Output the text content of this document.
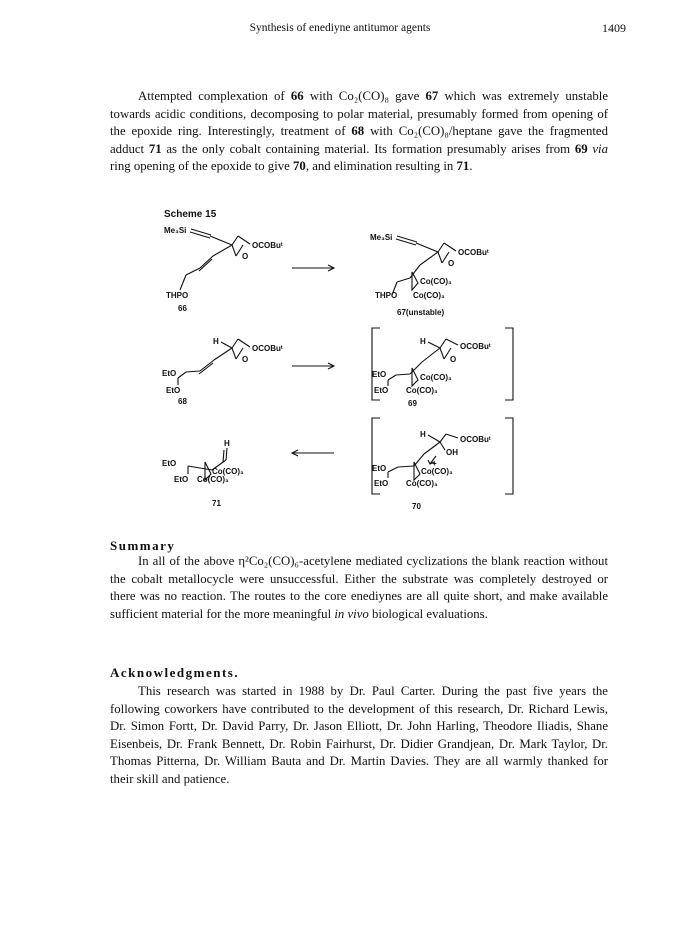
Synthesis of enediyne antitumor agents	1409

Attempted complexation of 66 with Co₂(CO)₈ gave 67 which was extremely unstable towards acidic conditions, decomposing to polar material, presumably formed from opening of the epoxide ring. Interestingly, treatment of 68 with Co₂(CO)₈/heptane gave the fragmented adduct 71 as the only cobalt containing material. Its formation presumably arises from 69 via ring opening of the epoxide to give 70, and elimination resulting in 71.

Scheme 15
Me₃Si
OCOBuᵗ
O
THPO
66
Me₃Si
OCOBuᵗ
O
Co(CO)₃
Co(CO)₃
THPO
67(unstable)
H
OCOBuᵗ
O
EtO
EtO
68
H
OCOBuᵗ
O
EtO	Co(CO)₃
EtO Co(CO)₃
69
H
EtO
Co(CO)₃
EtO Co(CO)₃
71
H
OCOBuᵗ
OH
+
EtO	Co(CO)₃
EtO Co(CO)₃
70
Summary

In all of the above η²Co₂(CO)₆-acetylene mediated cyclizations the blank reaction without the cobalt metallocycle were unsuccessful. Either the substrate was completely destroyed or there was no reaction. The routes to the core enediynes are all quite short, and make available sufficient material for the more meaningful in vivo biological evaluations.

Acknowledgments.

This research was started in 1988 by Dr. Paul Carter. During the past five years the following coworkers have contributed to the development of this research, Dr. Richard Lewis, Dr. Simon Fortt, Dr. David Parry, Dr. Jason Elliott, Dr. John Harling, Theodore Iliadis, Shane Eisenbeis, Dr. Frank Bennett, Dr. Robin Fairhurst, Dr. Didier Grandjean, Dr. Mark Taylor, Dr. Thomas Pitterna, Dr. William Bauta and Dr. Martin Davies. They are all warmly thanked for their skill and patience.
